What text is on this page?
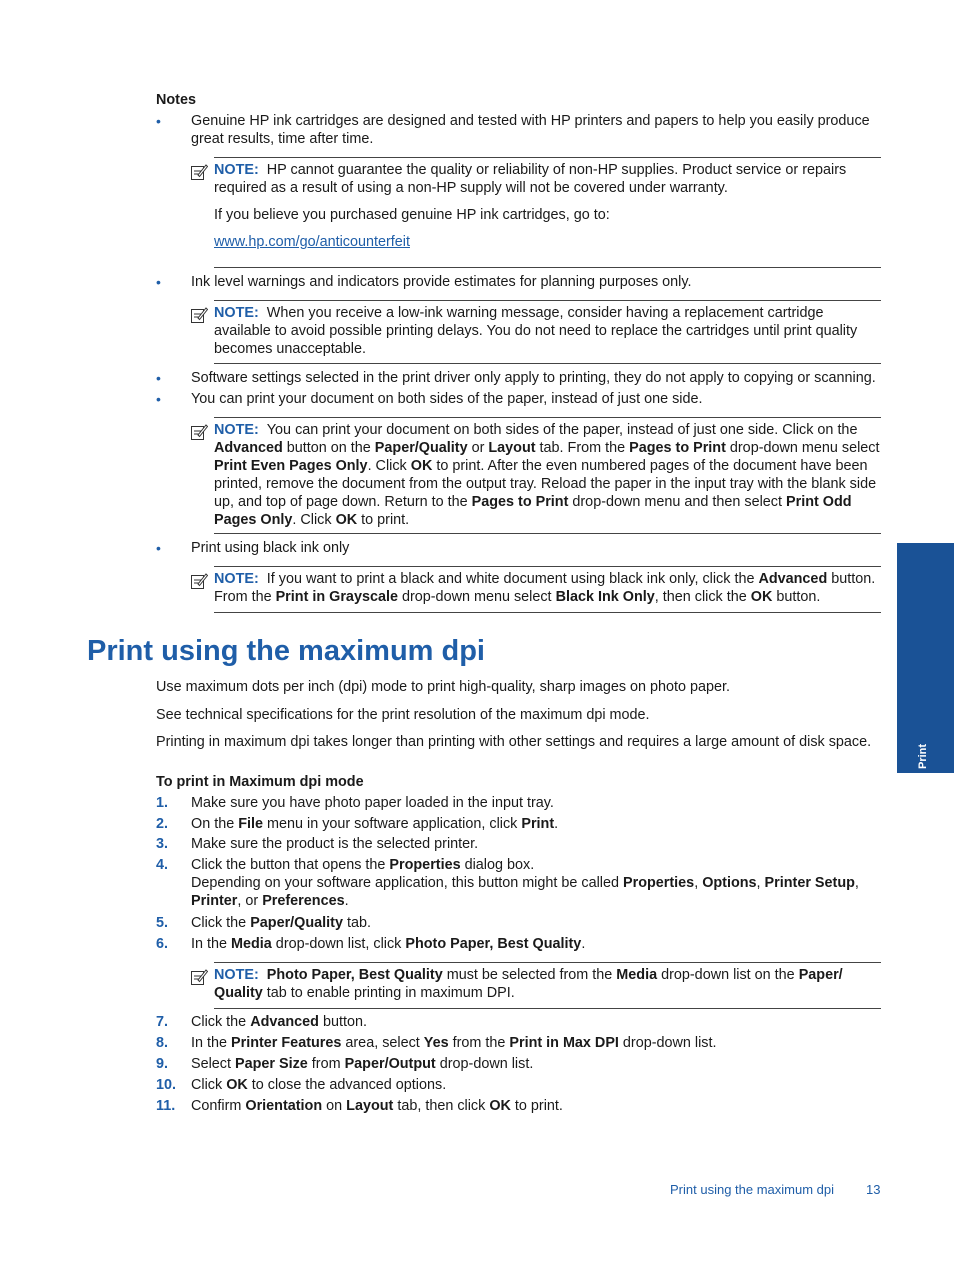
Notes
• Genuine HP ink cartridges are designed and tested with HP printers and papers to help you easily produce great results, time after time.
NOTE: HP cannot guarantee the quality or reliability of non-HP supplies. Product service or repairs required as a result of using a non-HP supply will not be covered under warranty.
If you believe you purchased genuine HP ink cartridges, go to:
www.hp.com/go/anticounterfeit
• Ink level warnings and indicators provide estimates for planning purposes only.
NOTE: When you receive a low-ink warning message, consider having a replacement cartridge available to avoid possible printing delays. You do not need to replace the cartridges until print quality becomes unacceptable.
• Software settings selected in the print driver only apply to printing, they do not apply to copying or scanning.
• You can print your document on both sides of the paper, instead of just one side.
NOTE: You can print your document on both sides of the paper, instead of just one side. Click on the Advanced button on the Paper/Quality or Layout tab. From the Pages to Print drop-down menu select Print Even Pages Only. Click OK to print. After the even numbered pages of the document have been printed, remove the document from the output tray. Reload the paper in the input tray with the blank side up, and top of page down. Return to the Pages to Print drop-down menu and then select Print Odd Pages Only. Click OK to print.
• Print using black ink only
NOTE: If you want to print a black and white document using black ink only, click the Advanced button. From the Print in Grayscale drop-down menu select Black Ink Only, then click the OK button.
Print using the maximum dpi
Use maximum dots per inch (dpi) mode to print high-quality, sharp images on photo paper.
See technical specifications for the print resolution of the maximum dpi mode.
Printing in maximum dpi takes longer than printing with other settings and requires a large amount of disk space.
To print in Maximum dpi mode
1. Make sure you have photo paper loaded in the input tray.
2. On the File menu in your software application, click Print.
3. Make sure the product is the selected printer.
4. Click the button that opens the Properties dialog box.
Depending on your software application, this button might be called Properties, Options, Printer Setup, Printer, or Preferences.
5. Click the Paper/Quality tab.
6. In the Media drop-down list, click Photo Paper, Best Quality.
NOTE: Photo Paper, Best Quality must be selected from the Media drop-down list on the Paper/ Quality tab to enable printing in maximum DPI.
7. Click the Advanced button.
8. In the Printer Features area, select Yes from the Print in Max DPI drop-down list.
9. Select Paper Size from Paper/Output drop-down list.
10. Click OK to close the advanced options.
11. Confirm Orientation on Layout tab, then click OK to print.
Print
Print using the maximum dpi 13
